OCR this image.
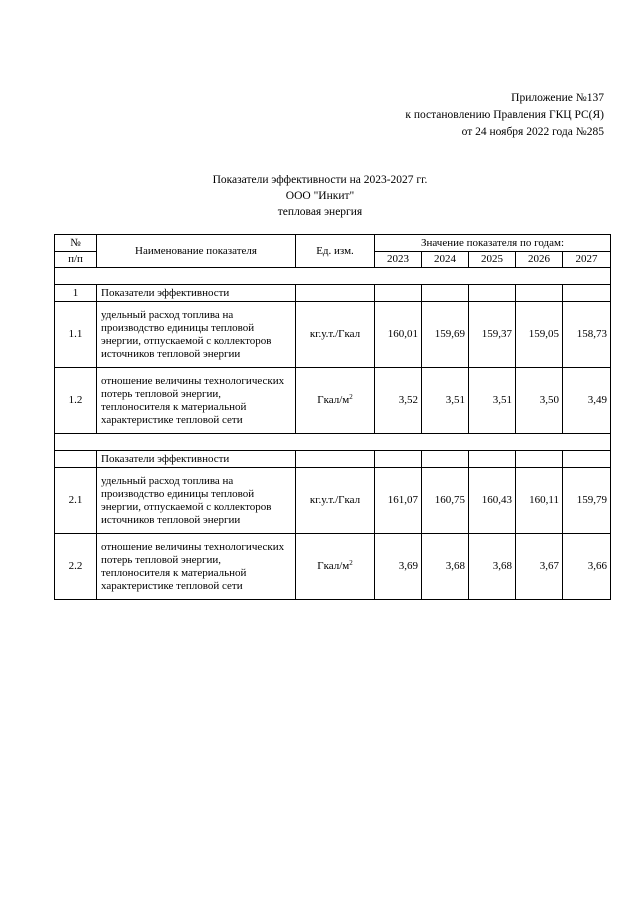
Приложение №137
к постановлению Правления ГКЦ РС(Я)
от 24 ноября 2022 года №285
Показатели эффективности на 2023-2027 гг.
ООО "Инкит"
тепловая энергия
№	Наименование показателя	Ед. изм.	Значение показателя по годам:				
п/п			2023	2024	2025	2026	2027

1	Показатели эффективности						
1.1	удельный расход топлива на производство единицы тепловой энергии, отпускаемой с коллекторов источников тепловой энергии	кг.у.т./Гкал	160,01	159,69	159,37	159,05	158,73
1.2	отношение величины технологических потерь тепловой энергии, теплоносителя к материальной характеристике тепловой сети	Гкал/$м^2$	3,52	3,51	3,51	3,50	3,49

	Показатели эффективности						
2.1	удельный расход топлива на производство единицы тепловой энергии, отпускаемой с коллекторов источников тепловой энергии	кг.у.т./Гкал	161,07	160,75	160,43	160,11	159,79
2.2	отношение величины технологических потерь тепловой энергии, теплоносителя к материальной характеристике тепловой сети	Гкал/$м^2$	3,69	3,68	3,68	3,67	3,66
